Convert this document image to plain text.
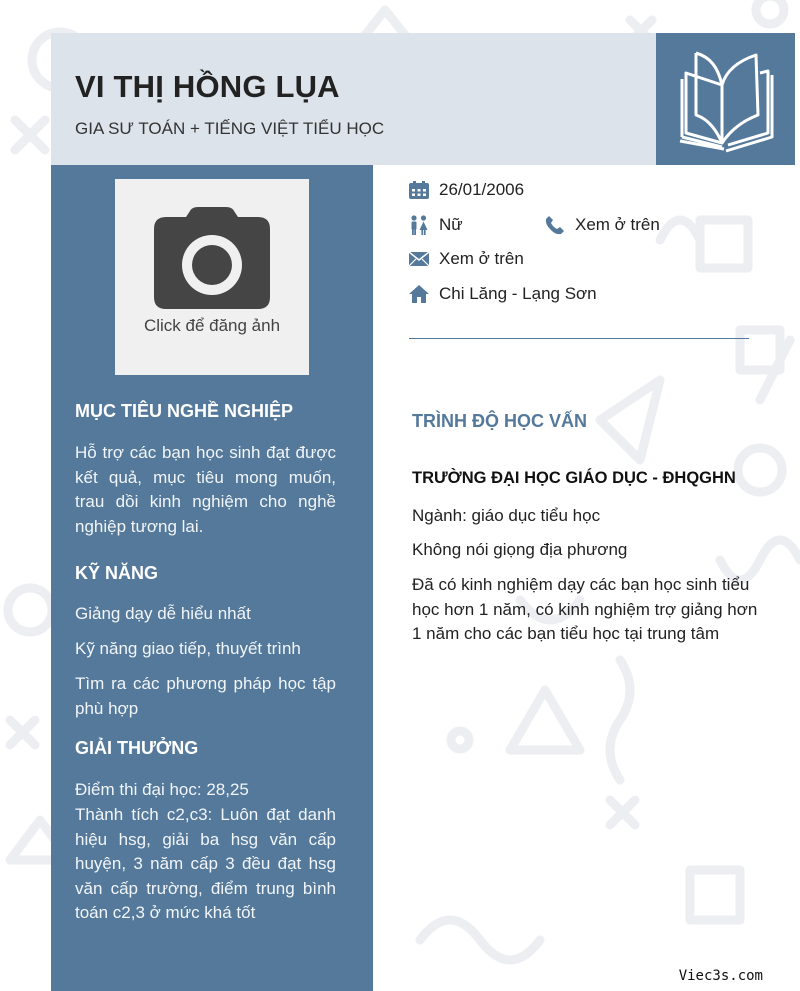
VI THỊ HỒNG LỤA
GIA SƯ TOÁN + TIẾNG VIỆT TIỂU HỌC
Click để đăng ảnh
MỤC TIÊU NGHỀ NGHIỆP
Hỗ trợ các bạn học sinh đạt được kết quả, mục tiêu mong muốn, trau dồi kinh nghiệm cho nghề nghiệp tương lai.
KỸ NĂNG
Giảng dạy dễ hiểu nhất
Kỹ năng giao tiếp, thuyết trình
Tìm ra các phương pháp học tập phù hợp
GIẢI THƯỞNG
Điểm thi đại học: 28,25
Thành tích c2,c3: Luôn đạt danh hiệu hsg, giải ba hsg văn cấp huyện, 3 năm cấp 3 đều đạt hsg văn cấp trường, điểm trung bình toán c2,3 ở mức khá tốt
26/01/2006
Nữ	Xem ở trên
Xem ở trên
Chi Lăng - Lạng Sơn
TRÌNH ĐỘ HỌC VẤN
TRƯỜNG ĐẠI HỌC GIÁO DỤC - ĐHQGHN
Ngành: giáo dục tiểu học
Không nói giọng địa phương
Đã có kinh nghiệm dạy các bạn học sinh tiểu học hơn 1 năm, có kinh nghiệm trợ giảng hơn 1 năm cho các bạn tiểu học tại trung tâm
Viec3s.com
